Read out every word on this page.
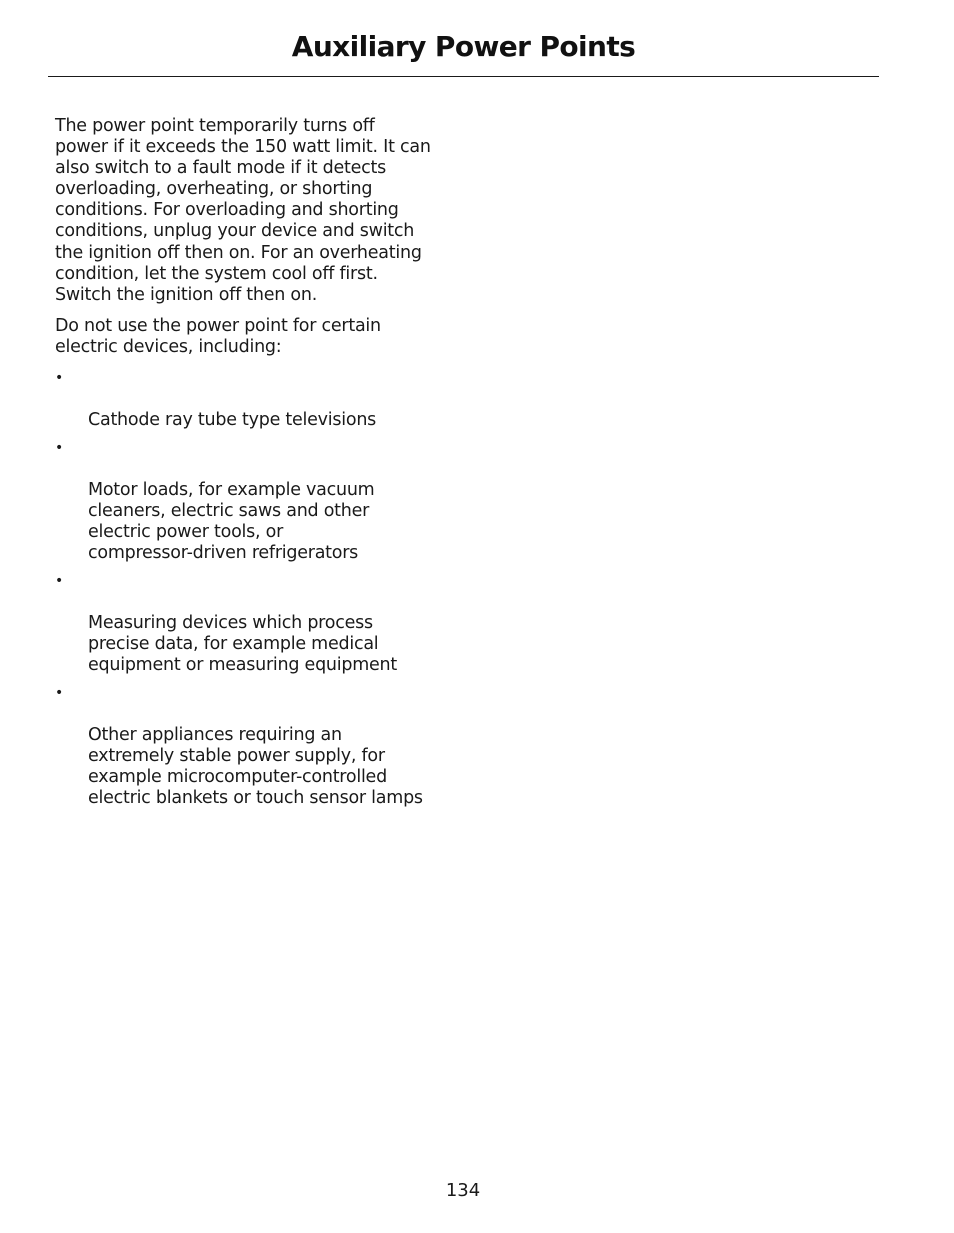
Auxiliary Power Points

The power point temporarily turns off
power if it exceeds the 150 watt limit. It can
also switch to a fault mode if it detects
overloading, overheating, or shorting
conditions. For overloading and shorting
conditions, unplug your device and switch
the ignition off then on. For an overheating
condition, let the system cool off first.
Switch the ignition off then on.

Do not use the power point for certain
electric devices, including:

•

Cathode ray tube type televisions

•

Motor loads, for example vacuum
cleaners, electric saws and other
electric power tools, or
compressor-driven refrigerators

•

Measuring devices which process
precise data, for example medical
equipment or measuring equipment

•

Other appliances requiring an
extremely stable power supply, for
example microcomputer-controlled
electric blankets or touch sensor lamps

134
